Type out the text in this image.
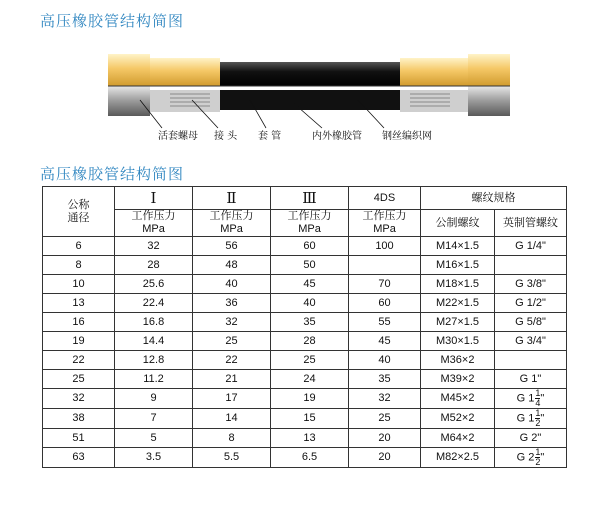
高压橡胶管结构简图
活套螺母 接 头 套 管	内外橡胶管 钢丝编织网
高压橡胶管结构简图
公称
通径	Ⅰ	Ⅱ	Ⅲ	4DS	螺纹规格	
	工作压力
MPa	工作压力
MPa	工作压力
MPa	工作压力
MPa	公制螺纹	英制管螺纹
6	32	56	60	100	M14×1.5	G 1/4"
8	28	48	50		M16×1.5	
10	25.6	40	45	70	M18×1.5	G 3/8"
13	22.4	36	40	60	M22×1.5	G 1/2"
16	16.8	32	35	55	M27×1.5	G 5/8"
19	14.4	25	28	45	M30×1.5	G 3/4"
22	12.8	22	25	40	M36×2	
25	11.2	21	24	35	M39×2	G 1"
32	9	17	19	32	M45×2	G $1 \frac{1}{4}$ "
38	7	14	15	25	M52×2	G $1 \frac{1}{2}$ "
51	5	8	13	20	M64×2	G 2"
63	3.5	5.5	6.5	20	M82×2.5	G $2 \frac{1}{2}$ "
